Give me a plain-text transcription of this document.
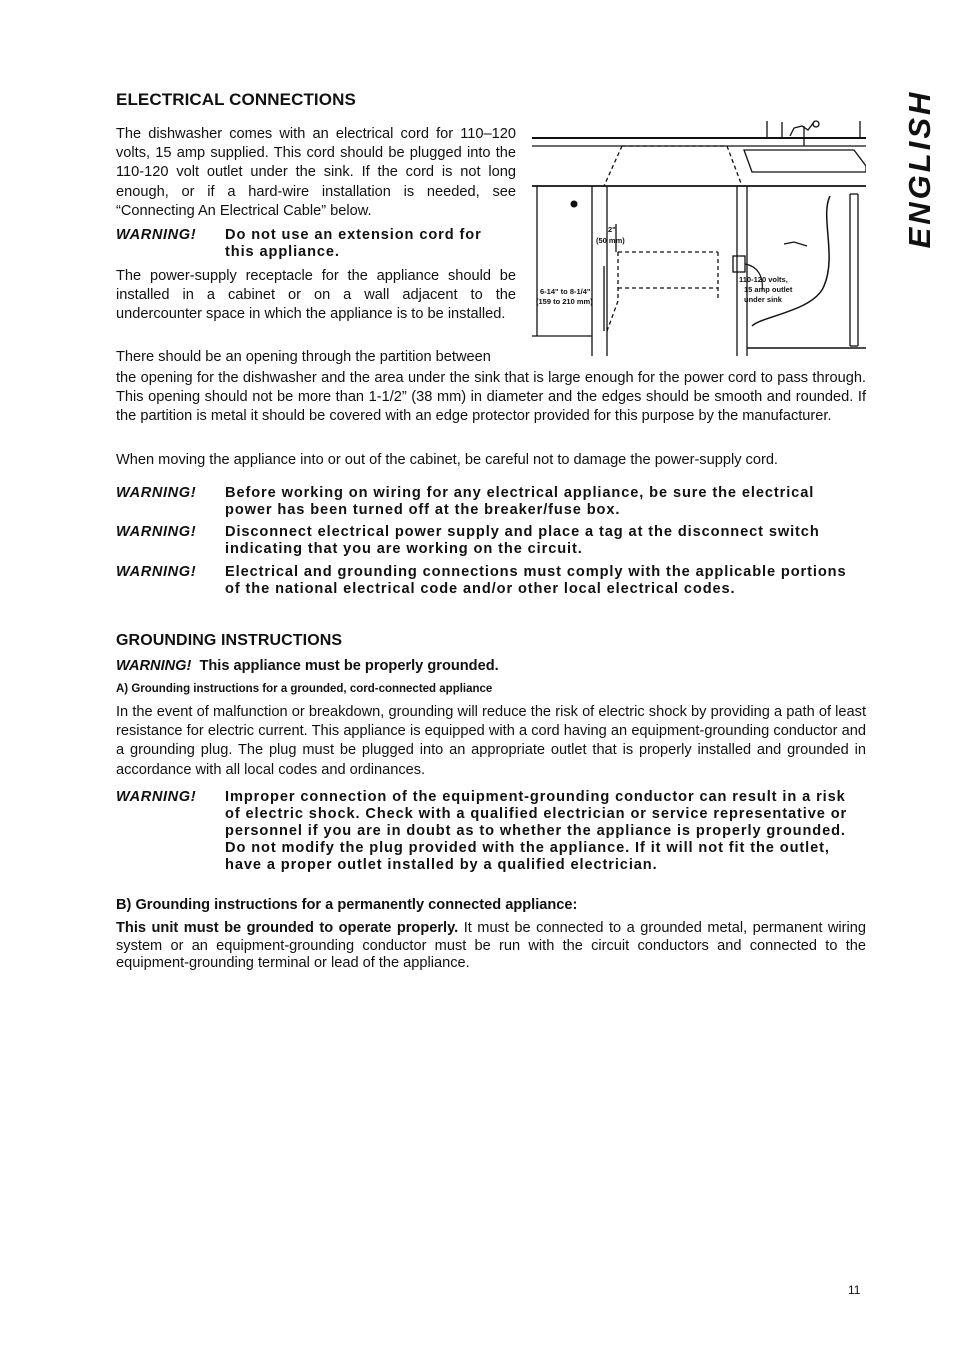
ENGLISH
ELECTRICAL CONNECTIONS
The dishwasher comes with an electrical cord for 110–120 volts, 15 amp supplied. This cord should be plugged into the 110-120 volt outlet under the sink. If the cord is not long enough, or if a hard-wire installation is needed, see “Connecting An Electrical Cable” below.
WARNING! Do not use an extension cord for this appliance.
The power-supply receptacle for the appliance should be installed in a cabinet or on a wall adjacent to the undercounter space in which the appliance is to be installed.
There should be an opening through the partition between
the opening for the dishwasher and the area under the sink that is large enough for the power cord to pass through. This opening should not be more than 1-1/2” (38 mm) in diameter and the edges should be smooth and rounded. If the partition is metal it should be covered with an edge protector provided for this purpose by the manufacturer.
When moving the appliance into or out of the cabinet, be careful not to damage the power-supply cord.
2"
(50 mm)
6-14" to 8-1/4"
(159 to 210 mm)
110-120 volts,
15 amp outlet
under sink
WARNING! Before working on wiring for any electrical appliance, be sure the electrical power has been turned off at the breaker/fuse box.
WARNING! Disconnect electrical power supply and place a tag at the disconnect switch indicating that you are working on the circuit.
WARNING! Electrical and grounding connections must comply with the applicable portions of the national electrical code and/or other local electrical codes.
GROUNDING INSTRUCTIONS
WARNING! This appliance must be properly grounded.
A) Grounding instructions for a grounded, cord-connected appliance
In the event of malfunction or breakdown, grounding will reduce the risk of electric shock by providing a path of least resistance for electric current. This appliance is equipped with a cord having an equipment-grounding conductor and a grounding plug. The plug must be plugged into an appropriate outlet that is properly installed and grounded in accordance with all local codes and ordinances.
WARNING! Improper connection of the equipment-grounding conductor can result in a risk of electric shock. Check with a qualified electrician or service representative or personnel if you are in doubt as to whether the appliance is properly grounded. Do not modify the plug provided with the appliance. If it will not fit the outlet, have a proper outlet installed by a qualified electrician.
B) Grounding instructions for a permanently connected appliance:
This unit must be grounded to operate properly. It must be connected to a grounded metal, permanent wiring system or an equipment-grounding conductor must be run with the circuit conductors and connected to the equipment-grounding terminal or lead of the appliance.
11
